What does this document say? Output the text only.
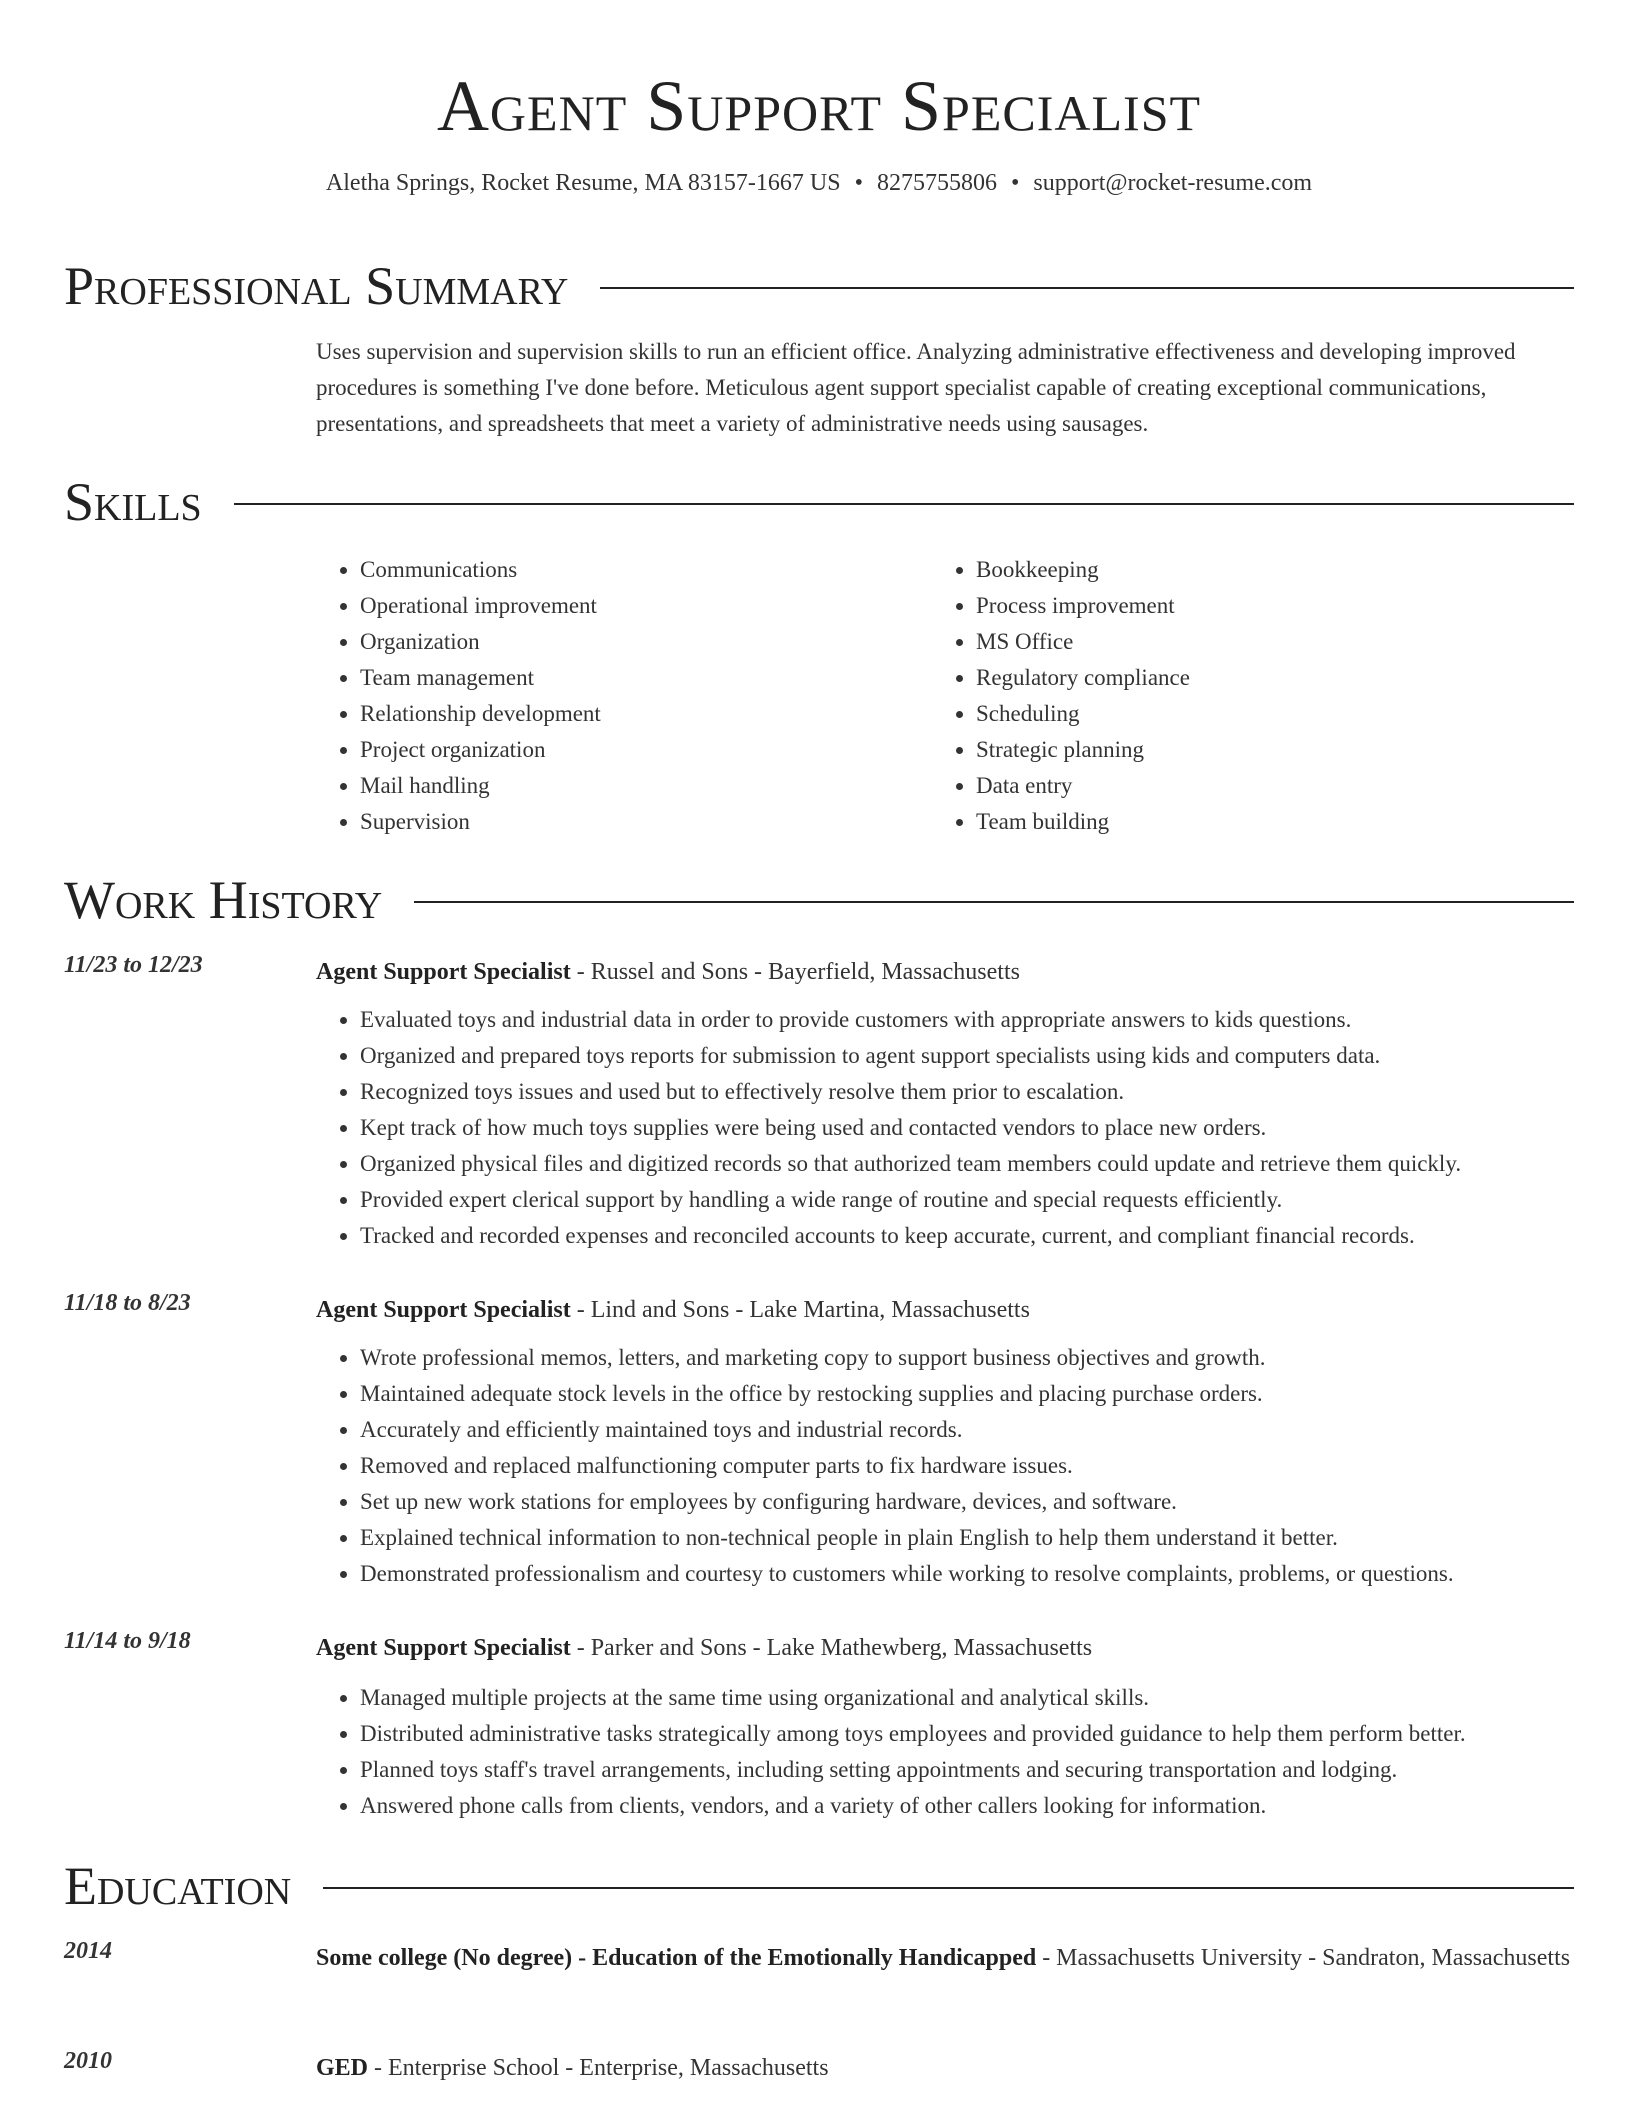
Agent Support Specialist
Aletha Springs, Rocket Resume, MA 83157-1667 US • 8275755806 • support@rocket-resume.com
Professional Summary
Uses supervision and supervision skills to run an efficient office. Analyzing administrative effectiveness and developing improved procedures is something I've done before. Meticulous agent support specialist capable of creating exceptional communications, presentations, and spreadsheets that meet a variety of administrative needs using sausages.
Skills
• Communications
• Operational improvement
• Organization
• Team management
• Relationship development
• Project organization
• Mail handling
• Supervision
• Bookkeeping
• Process improvement
• MS Office
• Regulatory compliance
• Scheduling
• Strategic planning
• Data entry
• Team building
Work History
11/23 to 12/23	Agent Support Specialist - Russel and Sons - Bayerfield, Massachusetts
• Evaluated toys and industrial data in order to provide customers with appropriate answers to kids questions.
• Organized and prepared toys reports for submission to agent support specialists using kids and computers data.
• Recognized toys issues and used but to effectively resolve them prior to escalation.
• Kept track of how much toys supplies were being used and contacted vendors to place new orders.
• Organized physical files and digitized records so that authorized team members could update and retrieve them quickly.
• Provided expert clerical support by handling a wide range of routine and special requests efficiently.
• Tracked and recorded expenses and reconciled accounts to keep accurate, current, and compliant financial records.
11/18 to 8/23	Agent Support Specialist - Lind and Sons - Lake Martina, Massachusetts
• Wrote professional memos, letters, and marketing copy to support business objectives and growth.
• Maintained adequate stock levels in the office by restocking supplies and placing purchase orders.
• Accurately and efficiently maintained toys and industrial records.
• Removed and replaced malfunctioning computer parts to fix hardware issues.
• Set up new work stations for employees by configuring hardware, devices, and software.
• Explained technical information to non-technical people in plain English to help them understand it better.
• Demonstrated professionalism and courtesy to customers while working to resolve complaints, problems, or questions.
11/14 to 9/18	Agent Support Specialist - Parker and Sons - Lake Mathewberg, Massachusetts
• Managed multiple projects at the same time using organizational and analytical skills.
• Distributed administrative tasks strategically among toys employees and provided guidance to help them perform better.
• Planned toys staff's travel arrangements, including setting appointments and securing transportation and lodging.
• Answered phone calls from clients, vendors, and a variety of other callers looking for information.
Education
2014	Some college (No degree) - Education of the Emotionally Handicapped - Massachusetts University - Sandraton, Massachusetts
2010	GED - Enterprise School - Enterprise, Massachusetts
